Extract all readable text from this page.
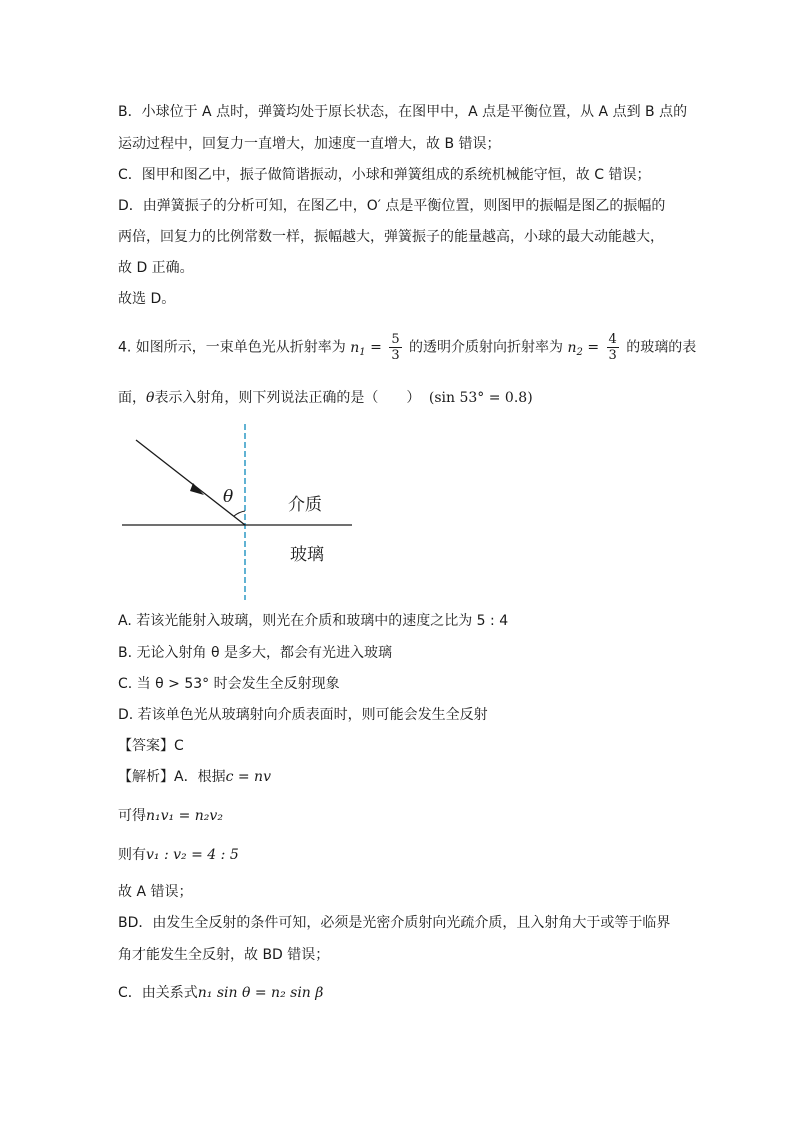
B．小球位于 A 点时，弹簧均处于原长状态，在图甲中，A 点是平衡位置，从 A 点到 B 点的
运动过程中，回复力一直增大，加速度一直增大，故 B 错误；
C．图甲和图乙中，振子做简谐振动，小球和弹簧组成的系统机械能守恒，故 C 错误；
D．由弹簧振子的分析可知，在图乙中，O′ 点是平衡位置，则图甲的振幅是图乙的振幅的
两倍，回复力的比例常数一样，振幅越大，弹簧振子的能量越高，小球的最大动能越大，
故 D 正确。
故选 D。
4. 如图所示，一束单色光从折射率为 $n_1 = \frac{5}{3}$ 的透明介质射向折射率为 $n_2 = \frac{4}{3}$ 的玻璃的表
面，θ表示入射角，则下列说法正确的是（　　） (sin 53° = 0.8)
θ	介质
玻璃
A. 若该光能射入玻璃，则光在介质和玻璃中的速度之比为 5 : 4
B. 无论入射角 θ 是多大，都会有光进入玻璃
C. 当 θ > 53° 时会发生全反射现象
D. 若该单色光从玻璃射向介质表面时，则可能会发生全反射
【答案】C
【解析】A．根据c = nv
可得n₁v₁ = n₂v₂
则有v₁ : v₂ = 4 : 5
故 A 错误；
BD．由发生全反射的条件可知，必须是光密介质射向光疏介质，且入射角大于或等于临界
角才能发生全反射，故 BD 错误；
C．由关系式n₁ sin θ = n₂ sin β
